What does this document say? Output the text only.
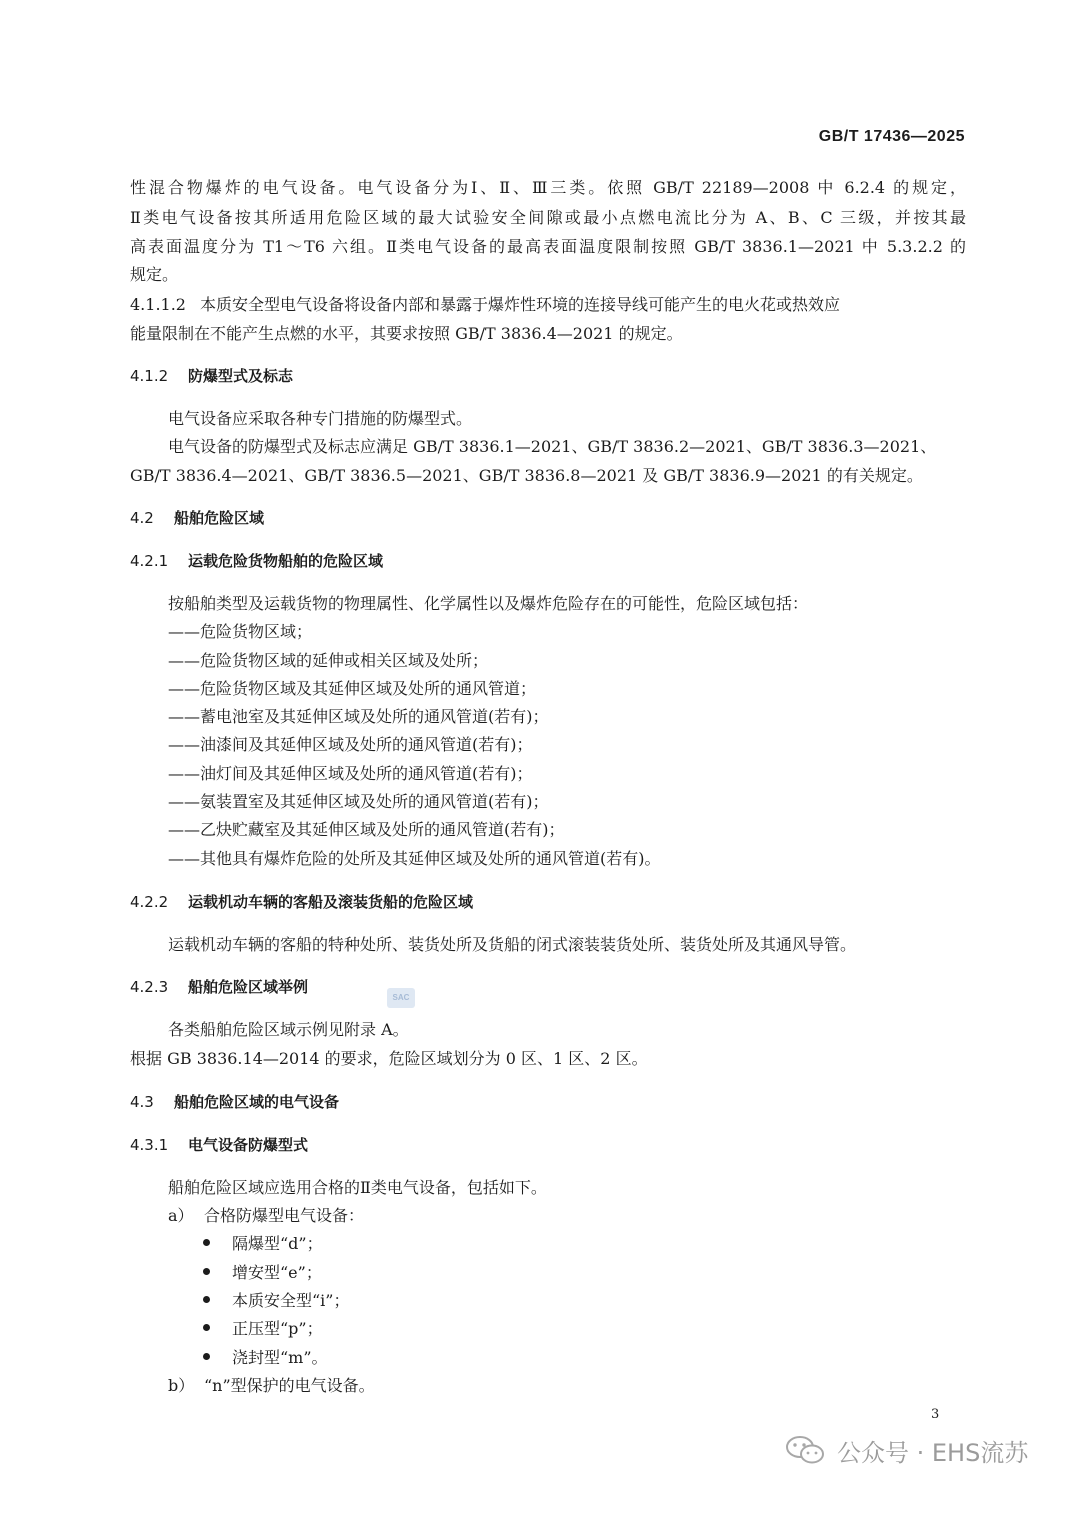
GB/T 17436—2025
性混合物爆炸的电气设备。电气设备分为Ⅰ、Ⅱ、Ⅲ三类。依照 GB/T 22189—2008 中 6.2.4 的规定，
Ⅱ类电气设备按其所适用危险区域的最大试验安全间隙或最小点燃电流比分为 A、B、C 三级，并按其最
高表面温度分为 T1～T6 六组。Ⅱ类电气设备的最高表面温度限制按照 GB/T 3836.1—2021 中 5.3.2.2 的
规定。
4.1.1.2 本质安全型电气设备将设备内部和暴露于爆炸性环境的连接导线可能产生的电火花或热效应
能量限制在不能产生点燃的水平，其要求按照 GB/T 3836.4—2021 的规定。
4.1.2 防爆型式及标志
电气设备应采取各种专门措施的防爆型式。
电气设备的防爆型式及标志应满足 GB/T 3836.1—2021、GB/T 3836.2—2021、GB/T 3836.3—2021、
GB/T 3836.4—2021、GB/T 3836.5—2021、GB/T 3836.8—2021 及 GB/T 3836.9—2021 的有关规定。
4.2 船舶危险区域
4.2.1 运载危险货物船舶的危险区域
按船舶类型及运载货物的物理属性、化学属性以及爆炸危险存在的可能性，危险区域包括：
——危险货物区域；
——危险货物区域的延伸或相关区域及处所；
——危险货物区域及其延伸区域及处所的通风管道；
——蓄电池室及其延伸区域及处所的通风管道(若有)；
——油漆间及其延伸区域及处所的通风管道(若有)；
——油灯间及其延伸区域及处所的通风管道(若有)；
——氨装置室及其延伸区域及处所的通风管道(若有)；
——乙炔贮藏室及其延伸区域及处所的通风管道(若有)；
——其他具有爆炸危险的处所及其延伸区域及处所的通风管道(若有)。
4.2.2 运载机动车辆的客船及滚装货船的危险区域
运载机动车辆的客船的特种处所、装货处所及货船的闭式滚装装货处所、装货处所及其通风导管。
4.2.3 船舶危险区域举例
SAC
各类船舶危险区域示例见附录 A。
根据 GB 3836.14—2014 的要求，危险区域划分为 0 区、1 区、2 区。
4.3 船舶危险区域的电气设备
4.3.1 电气设备防爆型式
船舶危险区域应选用合格的Ⅱ类电气设备，包括如下。
a） 合格防爆型电气设备：
隔爆型“d”；
增安型“e”；
本质安全型“i”；
正压型“p”；
浇封型“m”。
b） “n”型保护的电气设备。
3
公众号 · EHS流苏
